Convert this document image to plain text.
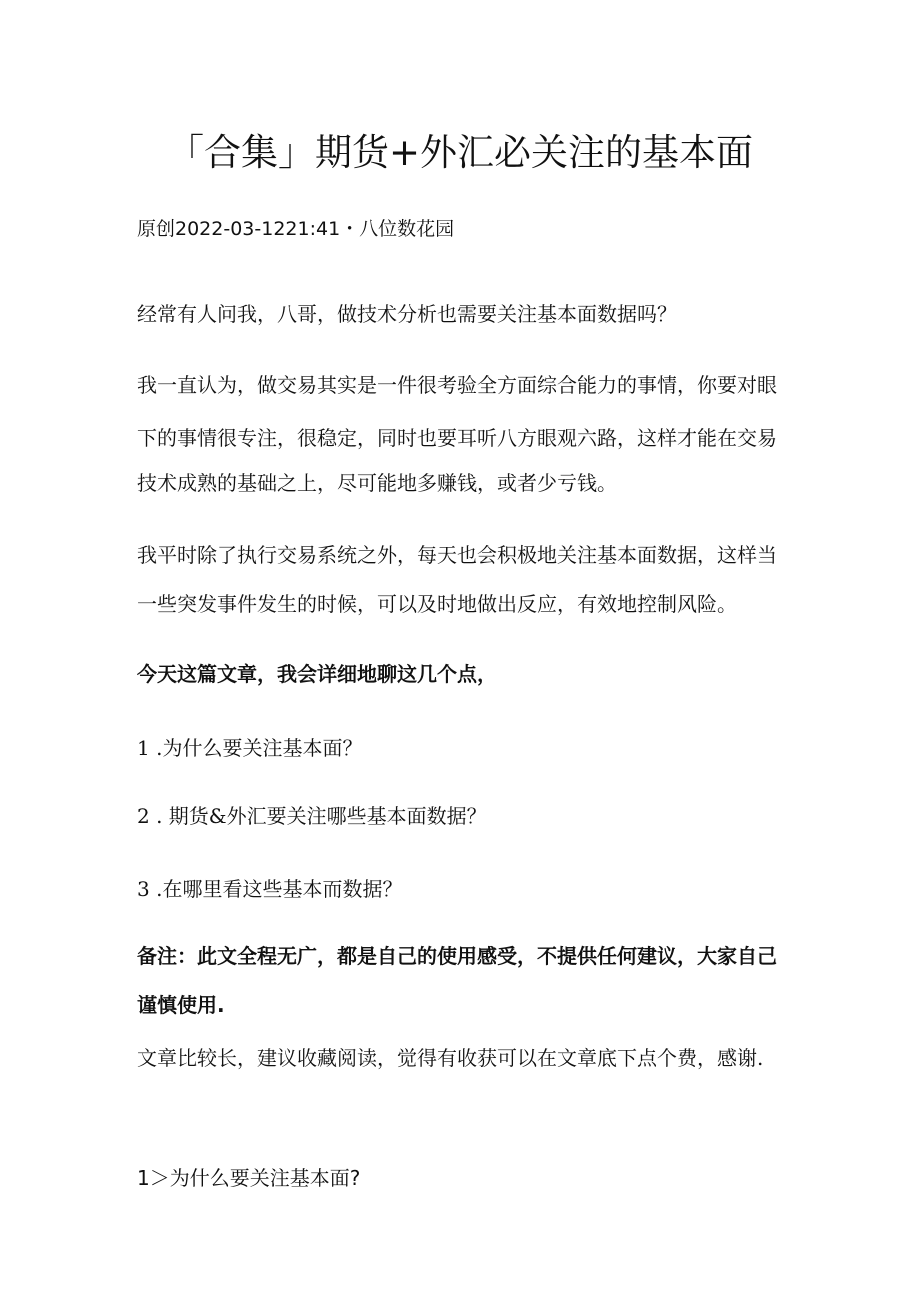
「合集」期货+外汇必关注的基本面
原创2022-03-1221:41・八位数花园
经常有人问我，八哥，做技术分析也需要关注基本面数据吗？
我一直认为，做交易其实是一件很考验全方面综合能力的事情，你要对眼
下的事情很专注，很稳定，同时也要耳听八方眼观六路，这样才能在交易
技术成熟的基础之上，尽可能地多赚钱，或者少亏钱。
我平时除了执行交易系统之外，每天也会积极地关注基本面数据，这样当
一些突发事件发生的时候，可以及时地做出反应，有效地控制风险。
今天这篇文章，我会详细地聊这几个点，
1 .为什么要关注基本面？
2 . 期货&外汇要关注哪些基本面数据？
3 .在哪里看这些基本而数据？
备注：此文全程无广，都是自己的使用感受，不提供任何建议，大家自己
谨慎使用.
文章比较长，建议收藏阅读，觉得有收获可以在文章底下点个费，感谢.
1＞为什么要关注基本面?
